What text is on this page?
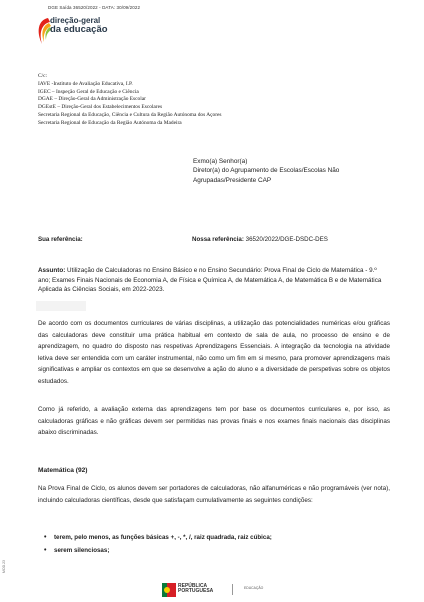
DGE Saída 36520/2022 - DATA: 30/09/2022
direção-geral
da educação
C/c:
IAVE -Instituto de Avaliação Educativa, I.P.
IGEC – Inspeção Geral de Educação e Ciência
DGAE – Direção-Geral da Administração Escolar
DGEstE – Direção-Geral dos Estabelecimentos Escolares
Secretaria Regional da Educação, Ciência e Cultura da Região Autónoma dos Açores
Secretaria Regional de Educação da Região Autónoma da Madeira
Exmo(a) Senhor(a)
Diretor(a) do Agrupamento de Escolas/Escolas Não
Agrupadas/Presidente CAP
Sua referência:	Nossa referência: 36520/2022/DGE-DSDC-DES
Assunto: Utilização de Calculadoras no Ensino Básico e no Ensino Secundário: Prova Final de Ciclo de Matemática - 9.º ano; Exames Finais Nacionais de Economia A, de Física e Química A, de Matemática A, de Matemática B e de Matemática Aplicada às Ciências Sociais, em 2022-2023.
De acordo com os documentos curriculares de várias disciplinas, a utilização das potencialidades numéricas e/ou gráficas das calculadoras deve constituir uma prática habitual em contexto de sala de aula, no processo de ensino e de aprendizagem, no quadro do disposto nas respetivas Aprendizagens Essenciais. A integração da tecnologia na atividade letiva deve ser entendida com um caráter instrumental, não como um fim em si mesmo, para promover aprendizagens mais significativas e ampliar os contextos em que se desenvolve a ação do aluno e a diversidade de perspetivas sobre os objetos estudados.
Como já referido, a avaliação externa das aprendizagens tem por base os documentos curriculares e, por isso, as calculadoras gráficas e não gráficas devem ser permitidas nas provas finais e nos exames finais nacionais das disciplinas abaixo discriminadas.
Matemática (92)
Na Prova Final de Ciclo, os alunos devem ser portadores de calculadoras, não alfanuméricas e não programáveis (ver nota), incluindo calculadoras científicas, desde que satisfaçam cumulativamente as seguintes condições:
• terem, pelo menos, as funções básicas +, -, *, /, raiz quadrada, raiz cúbica;
• serem silenciosas;
MOD.23
REPÚBLICA
PORTUGUESA
EDUCAÇÃO
